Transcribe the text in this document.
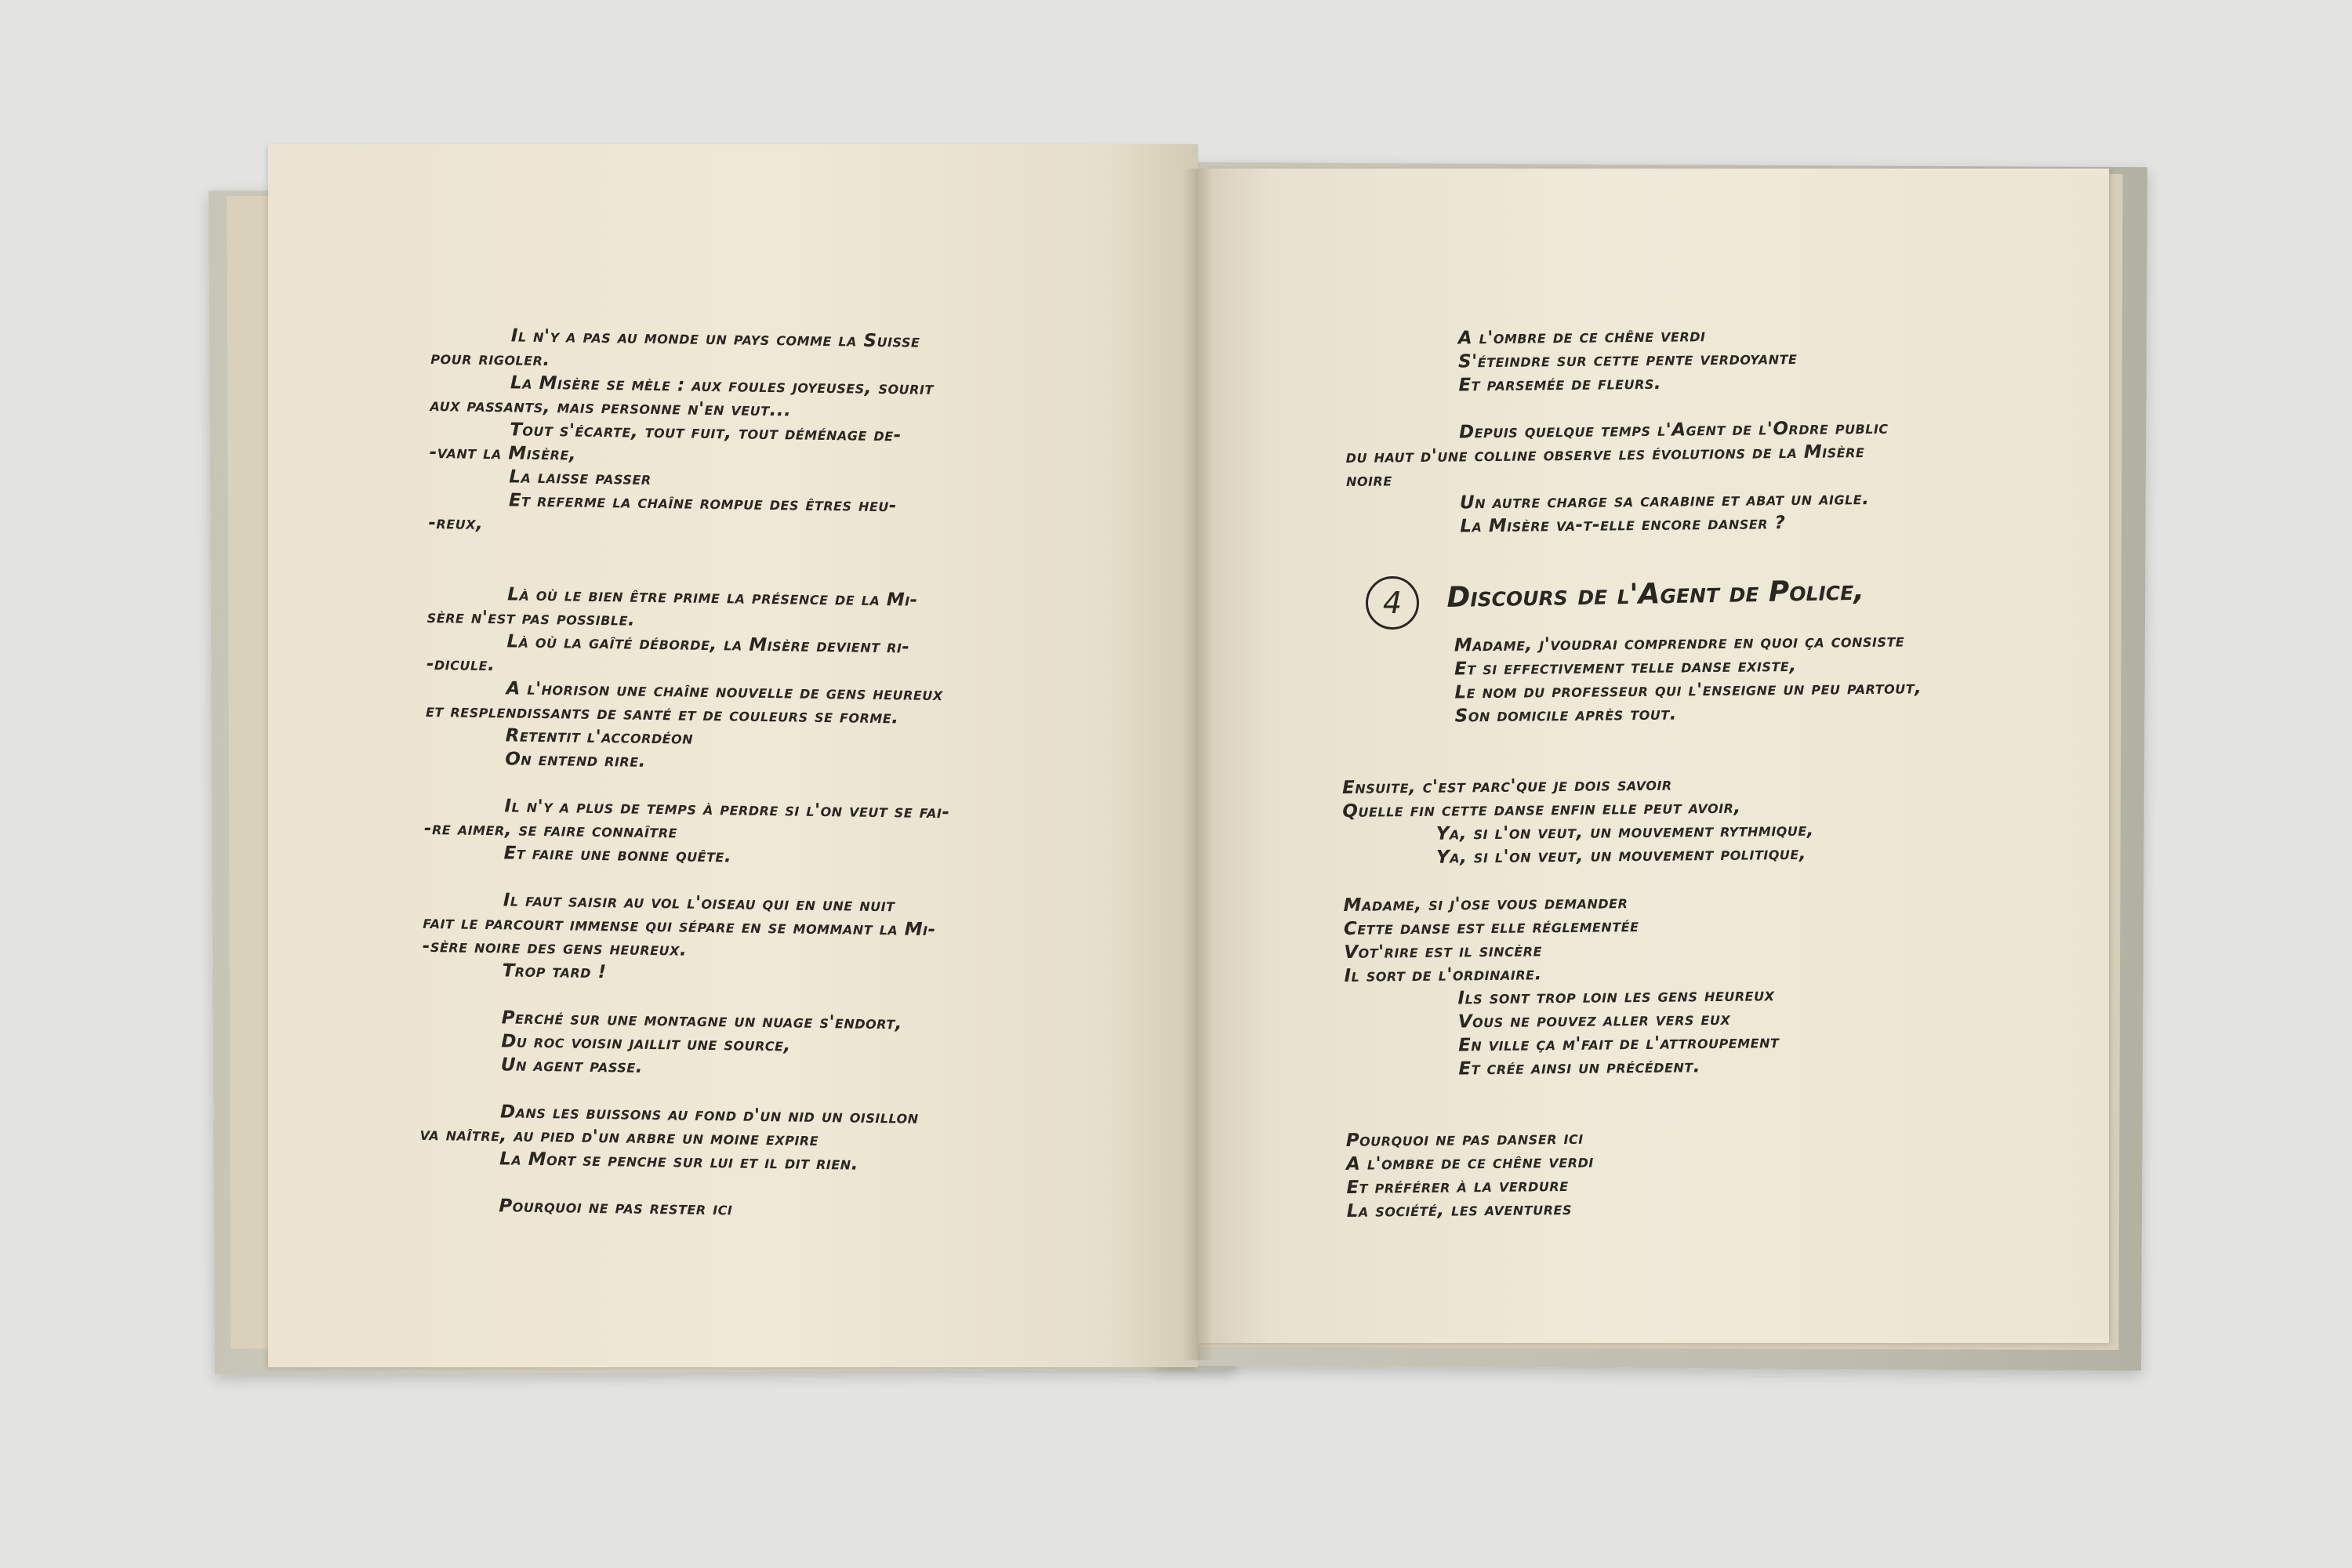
Il n'y a pas au monde un pays comme la Suisse
pour rigoler.
La Misère se mèle : aux foules joyeuses, sourit
aux passants, mais personne n'en veut...
Tout s'écarte, tout fuit, tout déménage de-
-vant la Misère,
La laisse passer
Et referme la chaîne rompue des êtres heu-
-reux,

Là où le bien être prime la présence de la Mi-
sère n'est pas possible.
Là où la gaîté déborde, la Misère devient ri-
-dicule.
A l'horison une chaîne nouvelle de gens heureux
et resplendissants de santé et de couleurs se forme.
Retentit l'accordéon
On entend rire.

Il n'y a plus de temps à perdre si l'on veut se fai-
-re aimer, se faire connaître
Et faire une bonne quête.

Il faut saisir au vol l'oiseau qui en une nuit
fait le parcourt immense qui sépare en se mommant la Mi-
-sère noire des gens heureux.
Trop tard !

Perché sur une montagne un nuage s'endort,
Du roc voisin jaillit une source,
Un agent passe.

Dans les buissons au fond d'un nid un oisillon
va naître, au pied d'un arbre un moine expire
La Mort se penche sur lui et il dit rien.

Pourquoi ne pas rester ici
A l'ombre de ce chêne verdi
S'éteindre sur cette pente verdoyante
Et parsemée de fleurs.

Depuis quelque temps l'Agent de l'Ordre public
du haut d'une colline observe les évolutions de la Misère
noire
Un autre charge sa carabine et abat un aigle.
La Misère va-t-elle encore danser ?
4	Discours de l'Agent de Police,
Madame, j'voudrai comprendre en quoi ça consiste
Et si effectivement telle danse existe,
Le nom du professeur qui l'enseigne un peu partout,
Son domicile après tout.

Ensuite, c'est parc'que je dois savoir
Quelle fin cette danse enfin elle peut avoir,
Ya, si l'on veut, un mouvement rythmique,
Ya, si l'on veut, un mouvement politique,

Madame, si j'ose vous demander
Cette danse est elle réglementée
Vot'rire est il sincère
Il sort de l'ordinaire.
Ils sont trop loin les gens heureux
Vous ne pouvez aller vers eux
En ville ça m'fait de l'attroupement
Et crée ainsi un précédent.

Pourquoi ne pas danser ici
A l'ombre de ce chêne verdi
Et préférer à la verdure
La société, les aventures
